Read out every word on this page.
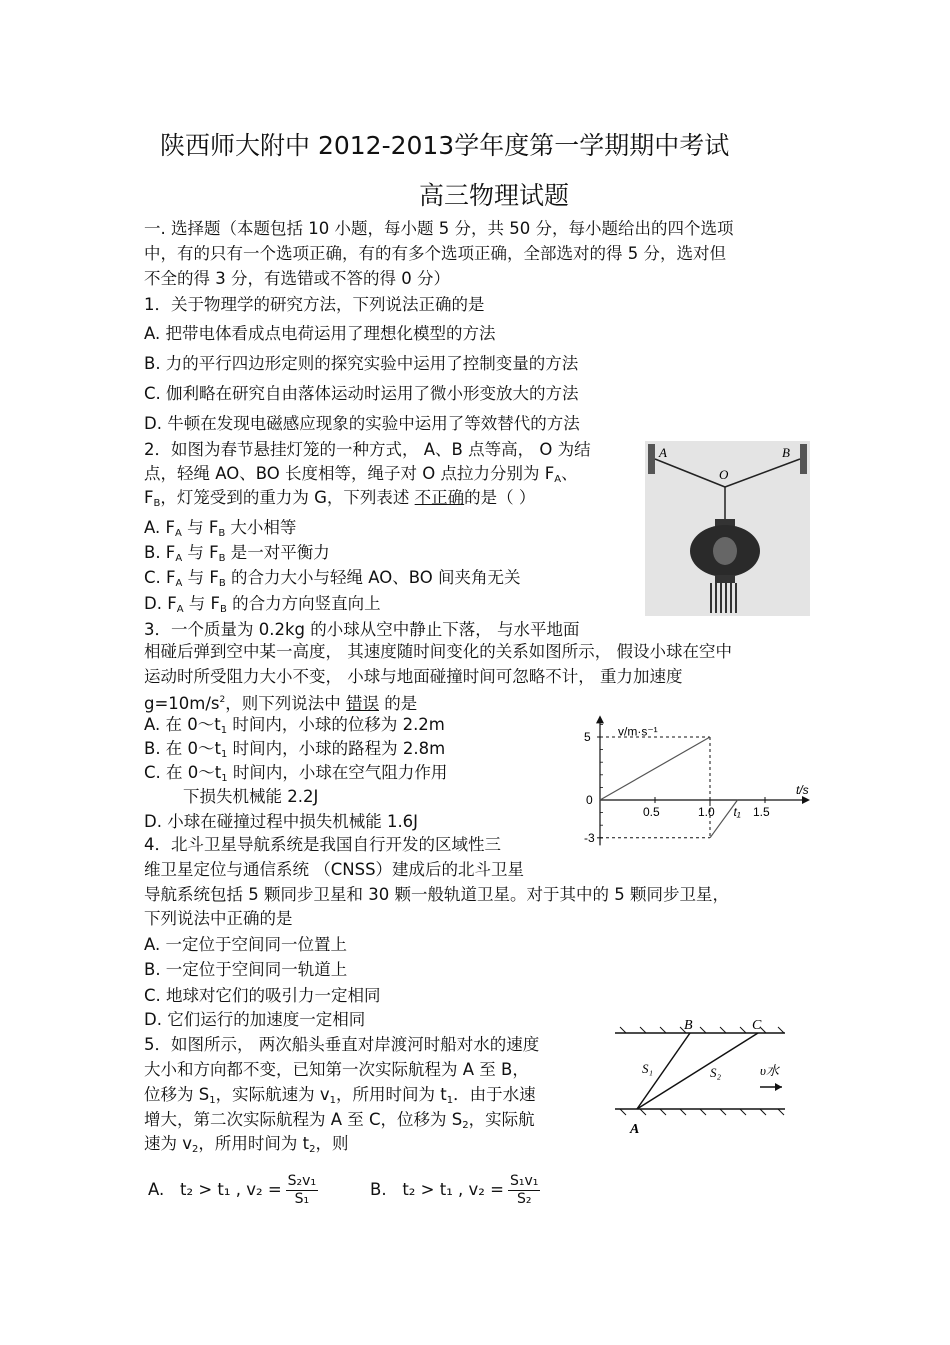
陕西师大附中 2012-2013学年度第一学期期中考试
高三物理试题
一. 选择题（本题包括 10 小题，每小题 5 分，共 50 分，每小题给出的四个选项
中，有的只有一个选项正确，有的有多个选项正确，全部选对的得 5 分，选对但
不全的得 3 分，有选错或不答的得 0 分）
1．关于物理学的研究方法，下列说法正确的是
A. 把带电体看成点电荷运用了理想化模型的方法
B. 力的平行四边形定则的探究实验中运用了控制变量的方法
C. 伽利略在研究自由落体运动时运用了微小形变放大的方法
D. 牛顿在发现电磁感应现象的实验中运用了等效替代的方法
2．如图为春节悬挂灯笼的一种方式， A、B 点等高， O 为结
点，轻绳 AO、BO 长度相等，绳子对 O 点拉力分别为 $F_A$、
$F_B$，灯笼受到的重力为 G，下列表述 不正确的是（ ）
A. $F_A$ 与 $F_B$ 大小相等
B. $F_A$ 与 $F_B$ 是一对平衡力
C. $F_A$ 与 $F_B$ 的合力大小与轻绳 AO、BO 间夹角无关
D. $F_A$ 与 $F_B$ 的合力方向竖直向上
A	B
O
3．一个质量为 0.2kg 的小球从空中静止下落， 与水平地面
相碰后弹到空中某一高度， 其速度随时间变化的关系如图所示， 假设小球在空中
运动时所受阻力大小不变， 小球与地面碰撞时间可忽略不计， 重力加速度
$g=10m/s^2$，则下列说法中 错误 的是
A. 在 $0\sim t_1$ 时间内，小球的位移为 2.2m
B. 在 $0\sim t_1$ 时间内，小球的路程为 2.8m
C. 在 $0\sim t_1$ 时间内，小球在空气阻力作用
下损失机械能 2.2J
D. 小球在碰撞过程中损失机械能 1.6J
v/m·s⁻¹
t/s
0
5
-3
0.5	1.0	1.5
t₁
4．北斗卫星导航系统是我国自行开发的区域性三
维卫星定位与通信系统 （CNSS）建成后的北斗卫星
导航系统包括 5 颗同步卫星和 30 颗一般轨道卫星。对于其中的 5 颗同步卫星，
下列说法中正确的是
A. 一定位于空间同一位置上
B. 一定位于空间同一轨道上
C. 地球对它们的吸引力一定相同
D. 它们运行的加速度一定相同
5．如图所示， 两次船头垂直对岸渡河时船对水的速度
大小和方向都不变，已知第一次实际航程为 A 至 B，
位移为 $S_1$，实际航速为 $v_1$，所用时间为 $t_1$．由于水速
增大，第二次实际航程为 A 至 C，位移为 $S_2$，实际航
速为 $v_2$，所用时间为 $t_2$，则
A. t₂ > t₁ , $v_2 = \frac{\text{S₂v₁}}{\text{S₁}}$	B. t₂ > t₁ , $v_2 = \frac{\text{S₁v₁}}{\text{S₂}}$
A
B	C
S₁	S₂	υ水
